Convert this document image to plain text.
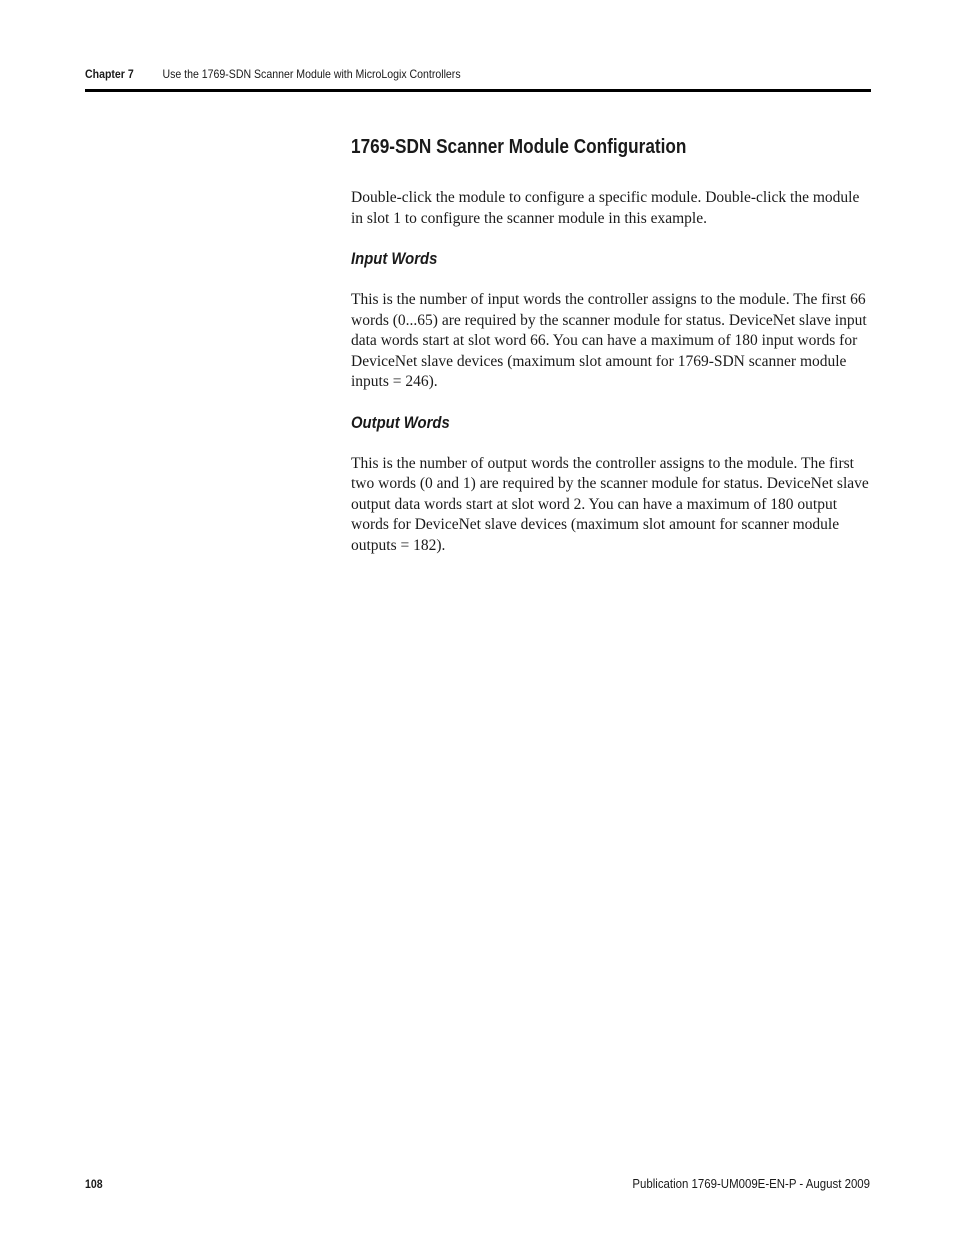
Chapter 7 Use the 1769-SDN Scanner Module with MicroLogix Controllers
1769-SDN Scanner Module Configuration

Double-click the module to configure a specific module. Double-click the module in slot 1 to configure the scanner module in this example.

Input Words

This is the number of input words the controller assigns to the module. The first 66 words (0...65) are required by the scanner module for status. DeviceNet slave input data words start at slot word 66. You can have a maximum of 180 input words for DeviceNet slave devices (maximum slot amount for 1769-SDN scanner module inputs = 246).

Output Words

This is the number of output words the controller assigns to the module. The first two words (0 and 1) are required by the scanner module for status. DeviceNet slave output data words start at slot word 2. You can have a maximum of 180 output words for DeviceNet slave devices (maximum slot amount for scanner module outputs = 182).

108	Publication 1769-UM009E-EN-P - August 2009
